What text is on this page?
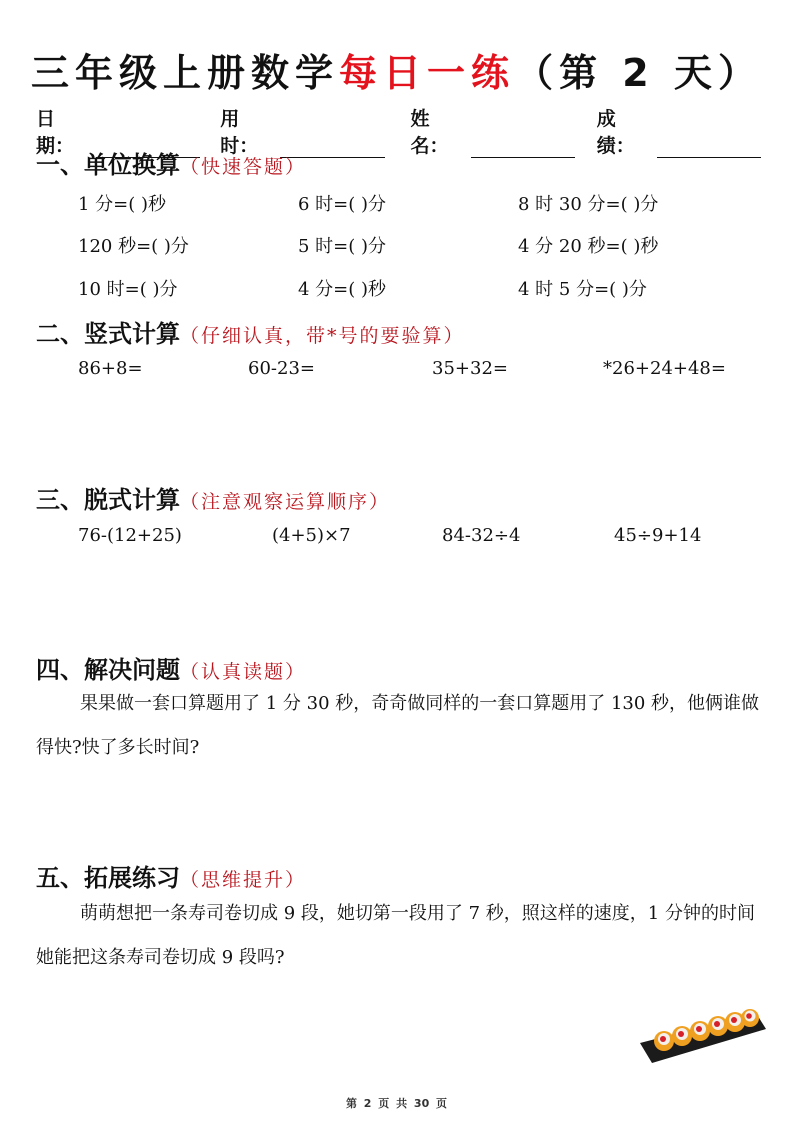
三年级上册数学每日一练（第 2 天）
日期：
用时：
姓名：
成绩：
一、单位换算（快速答题）
1 分=( )秒	6 时=( )分	8 时 30 分=( )分
120 秒=( )分	5 时=( )分	4 分 20 秒=( )秒
10 时=( )分	4 分=( )秒	4 时 5 分=( )分
二、竖式计算（仔细认真，带*号的要验算）
86+8=	60-23=	35+32=	*26+24+48=
三、脱式计算（注意观察运算顺序）
76-(12+25)	(4+5)×7	84-32÷4	45÷9+14
四、解决问题（认真读题）
果果做一套口算题用了 1 分 30 秒，奇奇做同样的一套口算题用了 130 秒，他俩谁做得快?快了多长时间?
五、拓展练习（思维提升）
萌萌想把一条寿司卷切成 9 段，她切第一段用了 7 秒，照这样的速度，1 分钟的时间她能把这条寿司卷切成 9 段吗?
第 2 页 共 30 页
